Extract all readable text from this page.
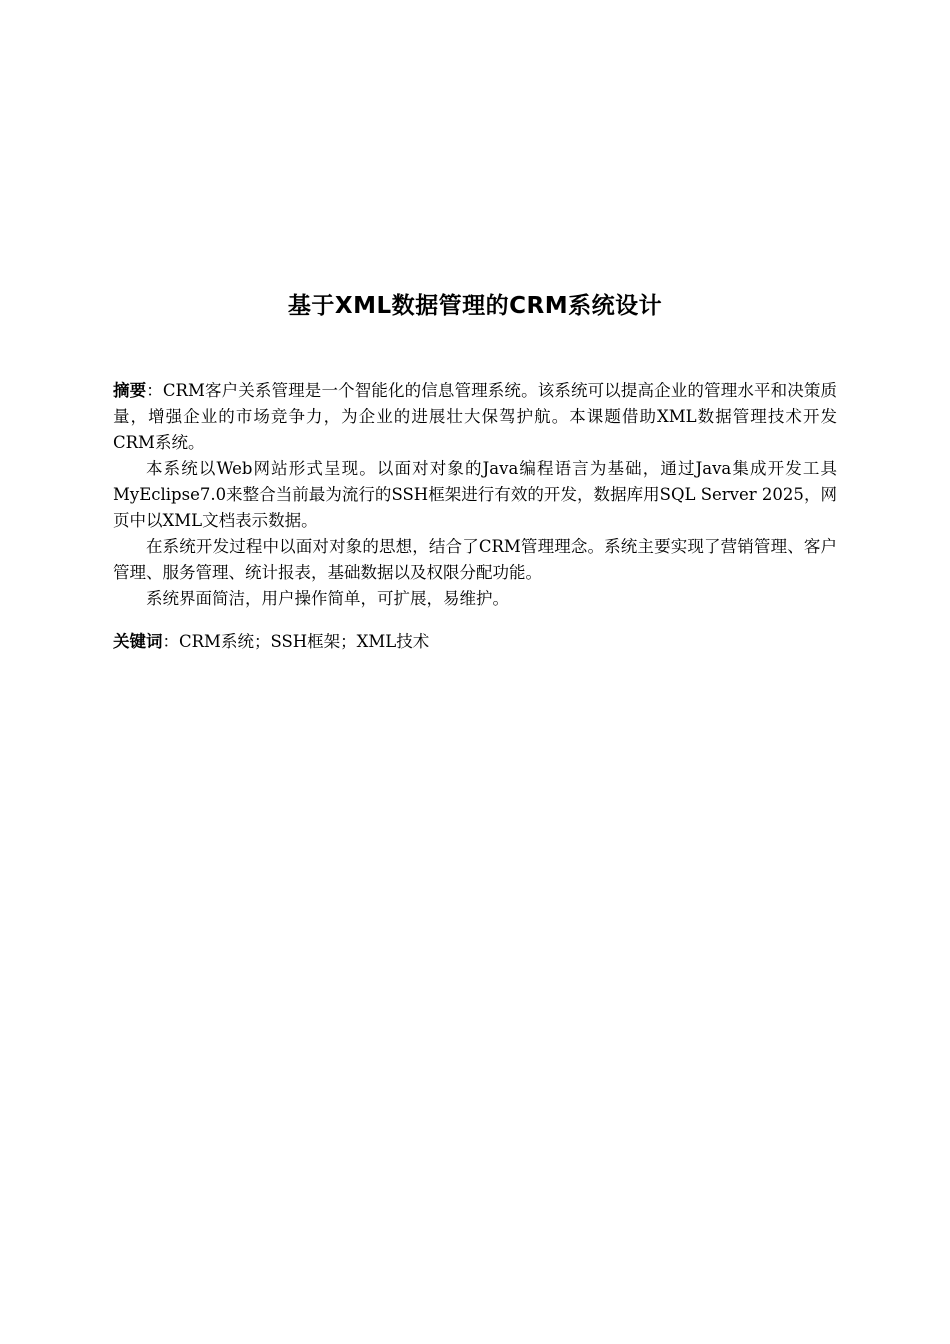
基于XML数据管理的CRM系统设计

摘要：CRM客户关系管理是一个智能化的信息管理系统。该系统可以提高企业的管理水平和决策质量，增强企业的市场竞争力，为企业的进展壮大保驾护航。本课题借助XML数据管理技术开发CRM系统。

本系统以Web网站形式呈现。以面对对象的Java编程语言为基础，通过Java集成开发工具MyEclipse7.0来整合当前最为流行的SSH框架进行有效的开发，数据库用SQL Server 2025，网页中以XML文档表示数据。

在系统开发过程中以面对对象的思想，结合了CRM管理理念。系统主要实现了营销管理、客户管理、服务管理、统计报表，基础数据以及权限分配功能。

系统界面简洁，用户操作简单，可扩展，易维护。

关键词：CRM系统；SSH框架；XML技术
